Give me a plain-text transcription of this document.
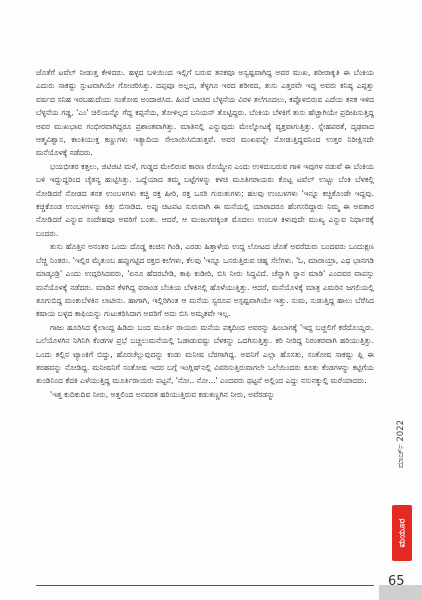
ಜೊತೆಗೆ ಟವೆಲ್ ನೀಡುತ್ತ ಕೇಳಿದರು. ಹಳ್ಳದ ಬಳಿಯಿಂದ ಇಲ್ಲಿಗೆ ಬರುವ ತನಕವೂ ಅಸ್ವಷ್ಟವಾಗಿದ್ದ ಅವರ ಮುಖ, ಶರೀರಾಕೃತಿ ಈ ಬೆಂಕಿಯ ಎದುರು ಸಾಕಷ್ಟು ಸ್ಪುಟವಾಗಿಯೇ ಗೋಚರಿಸಿತ್ತು. ದಪ್ಪವೂ ಅಲ್ಲದ, ತೆಳ್ಳಗೂ ಇರದ ಶರೀರದ, ತುಸು ಎತ್ತರವೇ ಇದ್ದ ಅವರು ಕನಿಷ್ಠ ಎಪ್ಪತ್ತು ವರ್ಷದ ಸನಿಹ ಇರಬಹುದೆಂದು ಸಂತೋಷ ಅಂದಾಜಿಸಿದ. ಹಿಂದೆ ಬಾಚಿದ ಬೆಳ್ಳನೆಯ ವಿರಳ ತಲೆಗೂದಲು, ಕಪ್ಪೊಳಬಿರುವ ಎದೆಯ ತನಕ ಇಳಿದ ಬೆಳ್ಳನೆಯ ಗಡ್ಡ, 'ಎಂ' ಚಿಲಿಯನ್ನೊ ಗೆದ್ದ ಕಪ್ಪನೆಯ, ತೋಳಿಲ್ಲದ ಬನಿಯನ್ ತೊಟ್ಟಿದ್ದರು. ಬೆಂಕಿಯ ಬೆಳಕಿಗೆ ತುಸು ಹೆಚ್ಚಾಗಿಯೇ ಪ್ರದೀಪಿಸುತ್ತಿದ್ದ ಅವರ ಮುಖಭಾವ ಗಂಭೀರವಾಗಿದ್ದರೂ ಪ್ರಶಾಂತವಾಗಿತ್ತು. ಮಾತಿನಲ್ಲಿ ಎನ್ನುವುದು ಮೇಲ್ನೋಟಕ್ಕೆ ವ್ಯಕ್ತವಾಗುತ್ತಿತ್ತು. ಸ್ನೇಹಪರತೆ, ದೃಢವಾದ ಆತ್ಮವಿಶ್ವಾಸ, ಕಾಂತಿಯುಕ್ತ ಕಣ್ಣುಗಳು ಇತ್ಯಾದಿಯ ಸೇಲಾಯಿಸಿಬಿಡುತ್ತವೆ. ಅವರ ಮುಖವನ್ನೇ ನೋಡುತ್ತಿದ್ದವನಿಂದ ಉತ್ತರ ನಿರೀಕ್ಷಿಸದೇ ಮನೆಯೊಳಕ್ಕೆ ನಡೆದರು.

ಭಯಭೀತರ ಕತ್ತಲು, ಜಿಟಿಜಿಟಿ ಮಳೆ, ಗುಡ್ಡದ ಮೇಲಿರುವ ಕಾರಣ ರೊಯ್ಯೇನ ಎಂದು ಉಳಿದುಬರುವ ಗಾಳಿ ಇವುಗಳ ನಡುವೆ ಈ ಬೆಂಕಿಯ ಬಳಿ ಇದ್ದುದ್ದರಿಂದ ಚೈತನ್ಯ ಹುಟ್ಟಿಸಿತ್ತು. ಒದ್ದೆಯಾದ ತಮ್ಮ ಬಟ್ಟೆಗಳನ್ನು ಕಳಚಿ ಮೂತಿಗರಾಯರು ಕೊಟ್ಟ ಟವೆಲ್ ಉಟ್ಟು ಬೆಂಕಿ ಬೆಳಕಲ್ಲಿ ನೋಡಿದರೆ ನೋಡದ ತನಕ ಉಂಬಳಗಳು ಕಚ್ಚಿ ರಕ್ತ ಹೀರಿ, ರಕ್ತ ಒಸರಿ ಗುರುತುಗಳು; ಹಲವು ಉಂಬಳಗಳು 'ಇನ್ನೂ ಕಚ್ಚಿಕೊಂಡೇ ಇದ್ದವು. ಕಚ್ಚಿಕೊಂಡ ಉಂಬಳಗಳನ್ನು ಕಿತ್ತು ಬಿಸಾಡಿದ. ಅಪ್ಪು ಚಿಟಪಟ ಸುರುವಾಗಿ ಈ ಮನೆಯಲ್ಲಿ ಯಾರಾದರೂ ಹೆಂಗಸರಿದ್ದಾರು ನಿಮ್ಮ ಈ ಅವತಾರ ನೋಡಿದರೆ ಎನ್ನುವ ಸಂದೇಹವೂ ಅವರಿಗೆ ಬಂತು. ಆದರೆ, ಆ ಮುಜುಗರಕ್ಕಿಂತ ಮೊದಲು ಉಂಬಳ ಕಿಳುವುದೇ ಮುಖ್ಯ ಎನ್ನುವ ನಿರ್ಧಾರಕ್ಕೆ ಬಂದರು.

ತುಸು ಹೊತ್ತಿನ ಅನಂತರ ಒಂದು ದೊಡ್ಡ ಕಂಚಿನ ಗಿಂಡಿ, ಎರಡು ಹಿತ್ತಾಳೆಯ ಉದ್ದ ಲೋಟದ ಜೊತೆ ಅವರೆದುರು ಬಂದವರು ಒಂದುಕ್ಷಣ ಬೆಚ್ಚಿ ನಿಂತರು. 'ಇಲ್ಲಿರ ಮೈತುಂಬ ಹಪ್ಪುಗಟ್ಟಿದ ರಕ್ತದ ಕಲೆಗಳು, ಕೆಲವು 'ಇನ್ನೂ ಒಸರುತ್ತಿರುವ ಚಿಹ್ನ ಸೆಲೆಗಳು. 'ಓ, ಮಾರಾಯ್ರಾ, ಎಥ ಭಾನಗಡಿ ಮಾಡ್ಕಂಡ್ರಿ' ಎಂದು ಉದ್ಗರಿಸಿದವರು, 'ಏನೂ ಹೆದರಬೇಡಿ, ಕಾಫಿ ಕುಡೀರಿ, ಬಿಸಿ ನೀರು ಸಿದ್ಧವಿದೆ. ಚೆನ್ನಾಗಿ ಸ್ನಾನ ಮಾಡಿ' ಎಂದವರ ವಾಪಸ್ಸು ಮನೆಯೊಳಕ್ಕೆ ನಡೆದರು. ಮಾಡಿನ ಕೆಳಗಿದ್ದ ವರಾಂಡ ಬೆಂಕಿಯ ಬೆಳಕಿನಲ್ಲಿ ಹೊಳೆಯುತ್ತಿತ್ತು. ಆದರೆ, ಮನೆಯೊಳಕ್ಕೆ ಮಾತ್ರ ಎಮರಿನ ಜಗಲಿಯಲ್ಲಿ ತೂಗುಬಿದ್ದ ಮಂಕುಬೆಳಕಿನ ಲಾಟೀನು. ಹಾಗಾಗಿ, ಇಲ್ಲಿರಿಗಿಂತ ಆ ಮನೆಯ ಸ್ವರೂಪ ಅಸ್ಪಷ್ಟವಾಗಿಯೇ ಇತ್ತು. ಸುಮ, ಸುಡುತ್ತಿದ್ದ ಹಾಲು ಬೆರೆಸಿದ ಕಷಾಯ ಬಳ್ಳದ ಕಾಫಿಯನ್ನು ಗುಟುಕರಿಸಿದಾಗ ಅವರಿಗೆ ಅದು ಬಿಸಿ ಅಮೃತವೇ ಇಲ್ಲ.

ಗಾಜು ಹೂರಿಸಿದ ಕೈಲಾಂದ್ದ ಹಿಡಿದು ಬಂದ ಮೂರ್ತಿ ರಾಯರು ಮನೆಯ ಪಕ್ಕದಿಂದ ಅವರನ್ನು ಹಿಂಬಾಗಕ್ಕೆ 'ಇದ್ದ ಬಚ್ಚಲಿಗೆ ಕರೆದೊಯ್ದರು. ಒಲೆಯೊಳಗಿನ ನಿಗಿನಿಗಿ ಕೆಂಡಗಳ ಪ್ರಭೆ ಬಚ್ಚಲುಮನೆಯಲ್ಲಿ ಓಡಾಡುವಷ್ಟು ಬೆಳಕನ್ನು ಒದಗಿಸುತ್ತಿತ್ತು. ಕರಿ ನೀರಿದ್ದ ನಿರಂತರವಾಗಿ ಹರಿಯುತ್ತಿತ್ತು. ಒಂದು ಕಲ್ಲಿನ ಟ್ಯಾಂಕಿಗೆ ಬಿದ್ದು, ಹೊರಚೆಲ್ಲುವುದನ್ನು ಕಂಡು ಮನೀಷ ಬೆರಗಾಗಿದ್ದ. ಅವನಿಗೆ ಎಲ್ಲಾ ಹೊಸತು, ಸಂತೋಷ ಸಾಕಷ್ಟು ಪ್ಲಿ ಈ ತರಹವನ್ನು ನೋಡಿದ್ದ. ಮನೀಷನಿಗೆ ಸಂತೋಷ ಇದರ ಬಗ್ಗೆ ಇಂಗ್ಲಿಷ್‌ನಲ್ಲಿ ವಿವರಿಸುತ್ತಿರುವಾಗಲೇ ಒಲೆಯಿಂದರು ಕೂತು ಕೆಂಡಗಳನ್ನು ಕಟ್ಟಿಗೆಯ ತುಂಡಿನಿಂದ ಕೆದಕಿ ಎಳೆಯುತ್ತಿದ್ದ ಮೂರ್ತಿರಾಯರು ಪಟ್ಟನೆ, 'ನೋ.. ನೋ...' ಎಂದವರು ಥಟ್ಟನೆ ಅಲ್ಲಿಂದ ಎದ್ದು ನಸುನಕ್ಕುಲ್ಲಿ ಮರೆಯಾದರು.

'ಇತ್ತ ಕುದಿಕುದಿವ ನೀರು, ಅತ್ತಲಿಂದ ಅನವರತ ಹರಿಯುತ್ತಿರುವ ಕಡುತಣ್ಣಗಿನ ನೀರು, ಅವೆರಡನ್ನು

ಮಾರ್ಚ್ 2022
ಮಯೂರ
65
